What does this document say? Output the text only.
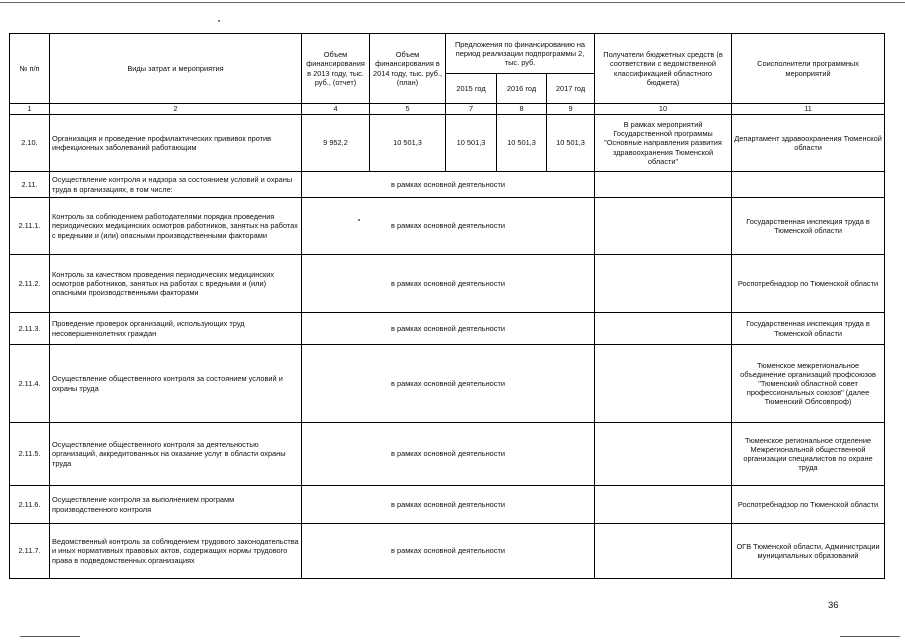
№ п/п	Виды затрат и мероприятия	Объем финансирования в 2013 году, тыс. руб., (отчет)	Объем финансирования в 2014 году, тыс. руб., (план)	Предложения по финансированию на период реализации подпрограммы 2, тыс. руб.			Получатели бюджетных средств (в соответствии с ведомственной классификацией областного бюджета)	Соисполнители программных мероприятий
				2015 год	2016 год	2017 год		
1	2	4	5	7	8	9	10	11
2.10.	Организация и проведение профилактических прививок против инфекционных заболеваний работающим	9 952,2	10 501,3	10 501,3	10 501,3	10 501,3	В рамках мероприятий Государственной программы "Основные направления развития здравоохранения Тюменской области"	Департамент здравоохранения Тюменской области
2.11.	Осуществление контроля и надзора за состоянием условий и охраны труда в организациях, в том числе:	в рамках основной деятельности						
2.11.1.	Контроль за соблюдением работодателями порядка проведения периодических медицинских осмотров работников, занятых на работах с вредными и (или) опасными производственными факторами	в рамках основной деятельности						Государственная инспекция труда в Тюменской области
2.11.2.	Контроль за качеством проведения периодических медицинских осмотров работников, занятых на работах с вредными и (или) опасными производственными факторами	в рамках основной деятельности						Роспотребнадзор по Тюменской области
2.11.3.	Проведение проверок организаций, использующих труд несовершеннолетних граждан	в рамках основной деятельности						Государственная инспекция труда в Тюменской области
2.11.4.	Осуществление общественного контроля за состоянием условий и охраны труда	в рамках основной деятельности						Тюменское межрегиональное объединение организаций профсоюзов "Тюменский областной совет профессиональных союзов" (далее Тюменский Облсовпроф)
2.11.5.	Осуществление общественного контроля за деятельностью организаций, аккредитованных на оказание услуг в области охраны труда	в рамках основной деятельности						Тюменское региональное отделение Межрегиональной общественной организации специалистов по охране труда
2.11.6.	Осуществление контроля за выполнением программ производственного контроля	в рамках основной деятельности						Роспотребнадзор по Тюменской области
2.11.7.	Ведомственный контроль за соблюдением трудового законодательства и иных нормативных правовых актов, содержащих нормы трудового права в подведомственных организациях	в рамках основной деятельности						ОГВ Тюменской области, Администрации муниципальных образований
36
